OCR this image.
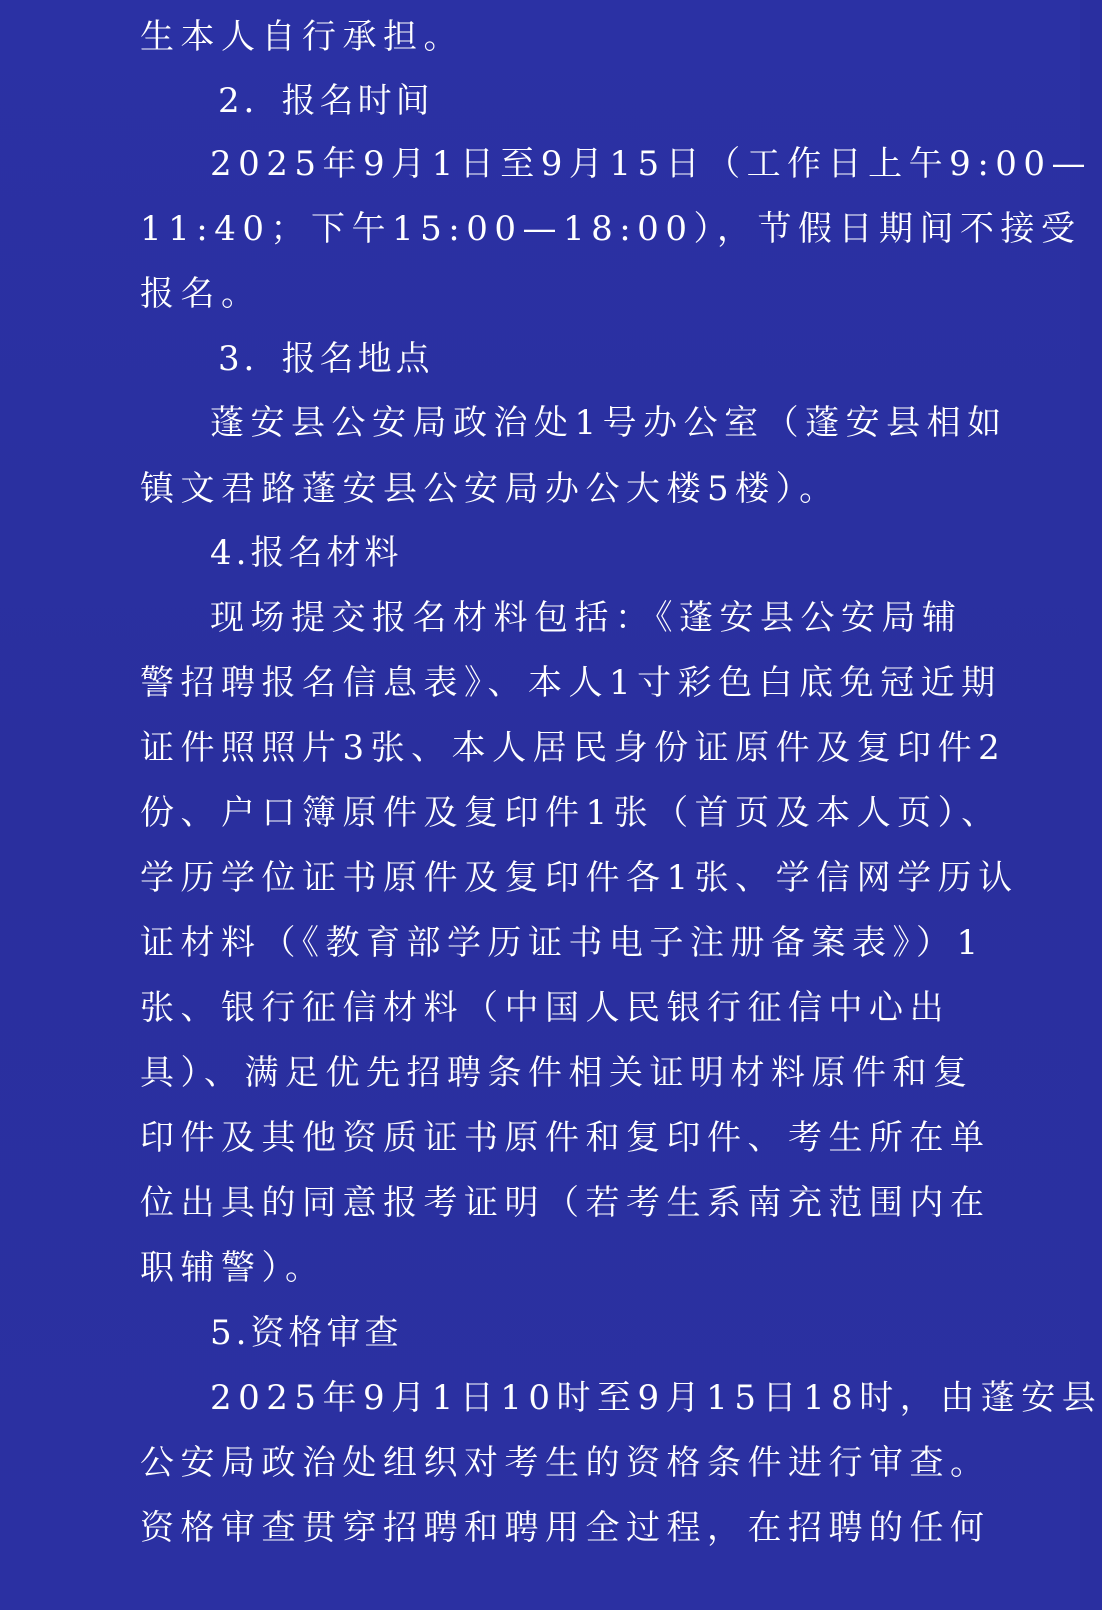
生本人自行承担。
2．报名时间
2025年9月1日至9月15日（工作日上午9:00—
11:40；下午15:00—18:00），节假日期间不接受
报名。
3．报名地点
蓬安县公安局政治处1号办公室（蓬安县相如
镇文君路蓬安县公安局办公大楼5楼）。
4.报名材料
现场提交报名材料包括：《蓬安县公安局辅
警招聘报名信息表》、本人1寸彩色白底免冠近期
证件照照片3张、本人居民身份证原件及复印件2
份、户口簿原件及复印件1张（首页及本人页）、
学历学位证书原件及复印件各1张、学信网学历认
证材料（《教育部学历证书电子注册备案表》）1
张、银行征信材料（中国人民银行征信中心出
具）、满足优先招聘条件相关证明材料原件和复
印件及其他资质证书原件和复印件、考生所在单
位出具的同意报考证明（若考生系南充范围内在
职辅警）。
5.资格审查
2025年9月1日10时至9月15日18时，由蓬安县
公安局政治处组织对考生的资格条件进行审查。
资格审查贯穿招聘和聘用全过程，在招聘的任何
